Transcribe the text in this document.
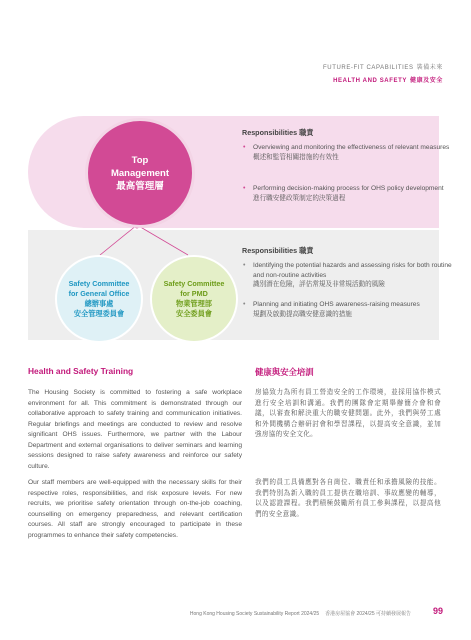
FUTURE-FIT CAPABILITIES 裝備未來
HEALTH AND SAFETY 健康及安全
Top
Management
最高管理層
Safety Committee
for General Office
總辦事處
安全管理委員會
Safety Committee
for PMD
物業管理部
安全委員會
Responsibilities 職責
• Overviewing and monitoring the effectiveness of relevant measures
概述和監管相關措施的有效性
• Performing decision-making process for OHS policy development
進行職安健政策制定的決策過程
Responsibilities 職責
• Identifying the potential hazards and assessing risks for both routine and non-routine activities
識別潛在危險，評估常規及非常規活動的風險
• Planning and initiating OHS awareness-raising measures
規劃及啟動提高職安健意識的措施
Health and Safety Training	健康與安全培訓
The Housing Society is committed to fostering a safe workplace environment for all. This commitment is demonstrated through our collaborative approach to safety training and communication initiatives. Regular briefings and meetings are conducted to review and resolve significant OHS issues. Furthermore, we partner with the Labour Department and external organisations to deliver seminars and learning sessions designed to raise safety awareness and reinforce our safety culture.
Our staff members are well-equipped with the necessary skills for their respective roles, responsibilities, and risk exposure levels. For new recruits, we prioritise safety orientation through on-the-job coaching, counselling on emergency preparedness, and relevant certification courses. All staff are strongly encouraged to participate in these programmes to enhance their safety competencies.
房協致力為所有員工營造安全的工作環境，並採用協作模式進行安全培訓和溝通。我們的團隊會定期舉辦簡介會和會議，以審查和解決重大的職安健問題。此外，我們與勞工處和外間機構合辦研討會和學習課程，以提高安全意識，並加強房協的安全文化。
我們的員工具備應對各自崗位、職責任和承擔風險的技能。我們特別為新入職的員工提供在職培訓、事故應變的輔導，以及認證課程。我們積極鼓勵所有員工參與課程，以提高他們的安全意識。
Hong Kong Housing Society Sustainability Report 2024/25 香港房屋協會 2024/25 可持續發展報告 99
